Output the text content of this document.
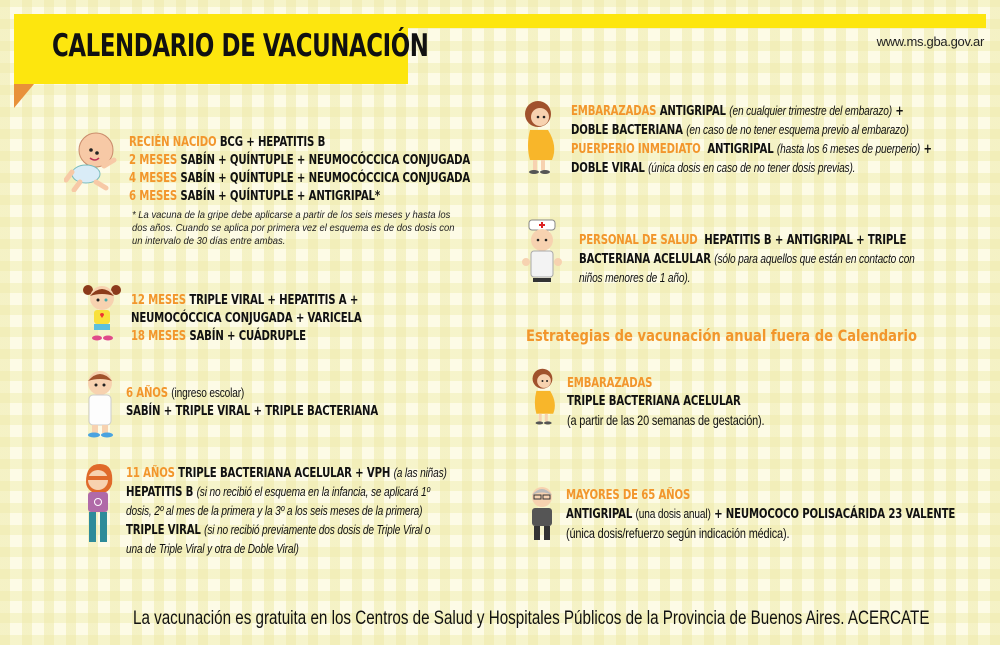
CALENDARIO DE VACUNACIÓN	www.ms.gba.gov.ar
RECIÉN NACIDO BCG + HEPATITIS B
2 MESES SABÍN + QUÍNTUPLE + NEUMOCÓCCICA CONJUGADA
4 MESES SABÍN + QUÍNTUPLE + NEUMOCÓCCICA CONJUGADA
6 MESES SABÍN + QUÍNTUPLE + ANTIGRIPAL*
* La vacuna de la gripe debe aplicarse a partir de los seis meses y hasta los
dos años. Cuando se aplica por primera vez el esquema es de dos dosis con
un intervalo de 30 días entre ambas.
12 MESES TRIPLE VIRAL + HEPATITIS A +
NEUMOCÓCCICA CONJUGADA + VARICELA
18 MESES SABÍN + CUÁDRUPLE
6 AÑOS (ingreso escolar)
SABÍN + TRIPLE VIRAL + TRIPLE BACTERIANA
11 AÑOS TRIPLE BACTERIANA ACELULAR + VPH (a las niñas)
HEPATITIS B (si no recibió el esquema en la infancia, se aplicará 1º
dosis, 2º al mes de la primera y la 3º a los seis meses de la primera)
TRIPLE VIRAL (si no recibió previamente dos dosis de Triple Viral o
una de Triple Viral y otra de Doble Viral)
EMBARAZADAS ANTIGRIPAL (en cualquier trimestre del embarazo) +
DOBLE BACTERIANA (en caso de no tener esquema previo al embarazo)
PUERPERIO INMEDIATO ANTIGRIPAL (hasta los 6 meses de puerperio) +
DOBLE VIRAL (única dosis en caso de no tener dosis previas).
PERSONAL DE SALUD HEPATITIS B + ANTIGRIPAL + TRIPLE
BACTERIANA ACELULAR (sólo para aquellos que están en contacto con
niños menores de 1 año).
Estrategias de vacunación anual fuera de Calendario
EMBARAZADAS
TRIPLE BACTERIANA ACELULAR
(a partir de las 20 semanas de gestación).
MAYORES DE 65 AÑOS
ANTIGRIPAL (una dosis anual) + NEUMOCOCO POLISACÁRIDA 23 VALENTE
(única dosis/refuerzo según indicación médica).
La vacunación es gratuita en los Centros de Salud y Hospitales Públicos de la Provincia de Buenos Aires. ACERCATE
